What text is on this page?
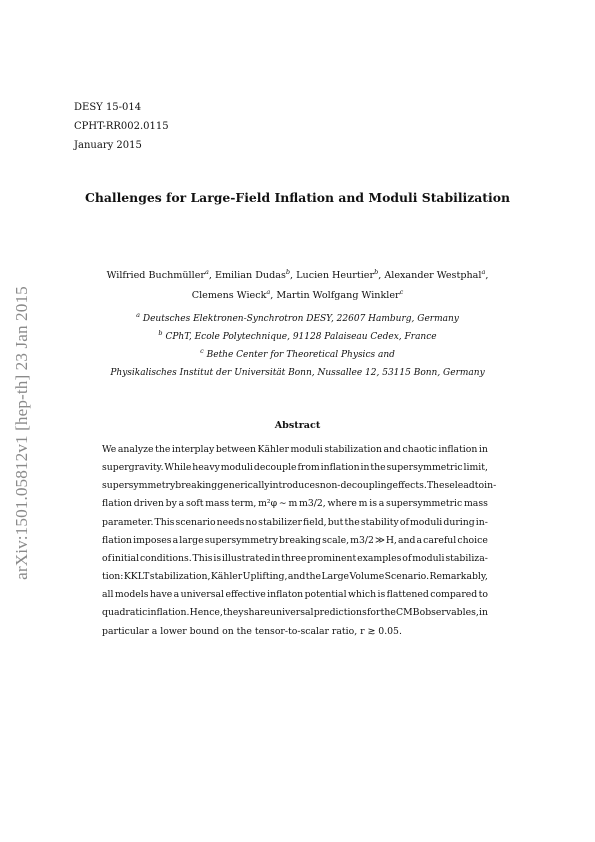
DESY 15-014
CPHT-RR002.0115
January 2015
Challenges for Large-Field Inflation and Moduli Stabilization
Wilfried Buchmüller$^a$, Emilian Dudas$^b$, Lucien Heurtier$^b$, Alexander Westphal$^a$,
Clemens Wieck$^a$, Martin Wolfgang Winkler$^c$
$^a$ Deutsches Elektronen-Synchrotron DESY, 22607 Hamburg, Germany
$^b$ CPhT, Ecole Polytechnique, 91128 Palaiseau Cedex, France
$^c$ Bethe Center for Theoretical Physics and
Physikalisches Institut der Universität Bonn, Nussallee 12, 53115 Bonn, Germany
Abstract
We analyze the interplay between Kähler moduli stabilization and chaotic inflation in
supergravity. While heavy moduli decouple from inflation in the supersymmetric limit,
supersymmetry breaking generically introduces non-decoupling effects. These lead to in-
flation driven by a soft mass term, m²φ ∼ m m3/2, where m is a supersymmetric mass
parameter. This scenario needs no stabilizer field, but the stability of moduli during in-
flation imposes a large supersymmetry breaking scale, m3/2 ≫ H, and a careful choice
of initial conditions. This is illustrated in three prominent examples of moduli stabiliza-
tion: KKLT stabilization, Kähler Uplifting, and the Large Volume Scenario. Remarkably,
all models have a universal effective inflaton potential which is flattened compared to
quadratic inflation. Hence, they share universal predictions for the CMB observables, in
particular a lower bound on the tensor-to-scalar ratio, r ≳ 0.05.
arXiv:1501.05812v1 [hep-th] 23 Jan 2015
